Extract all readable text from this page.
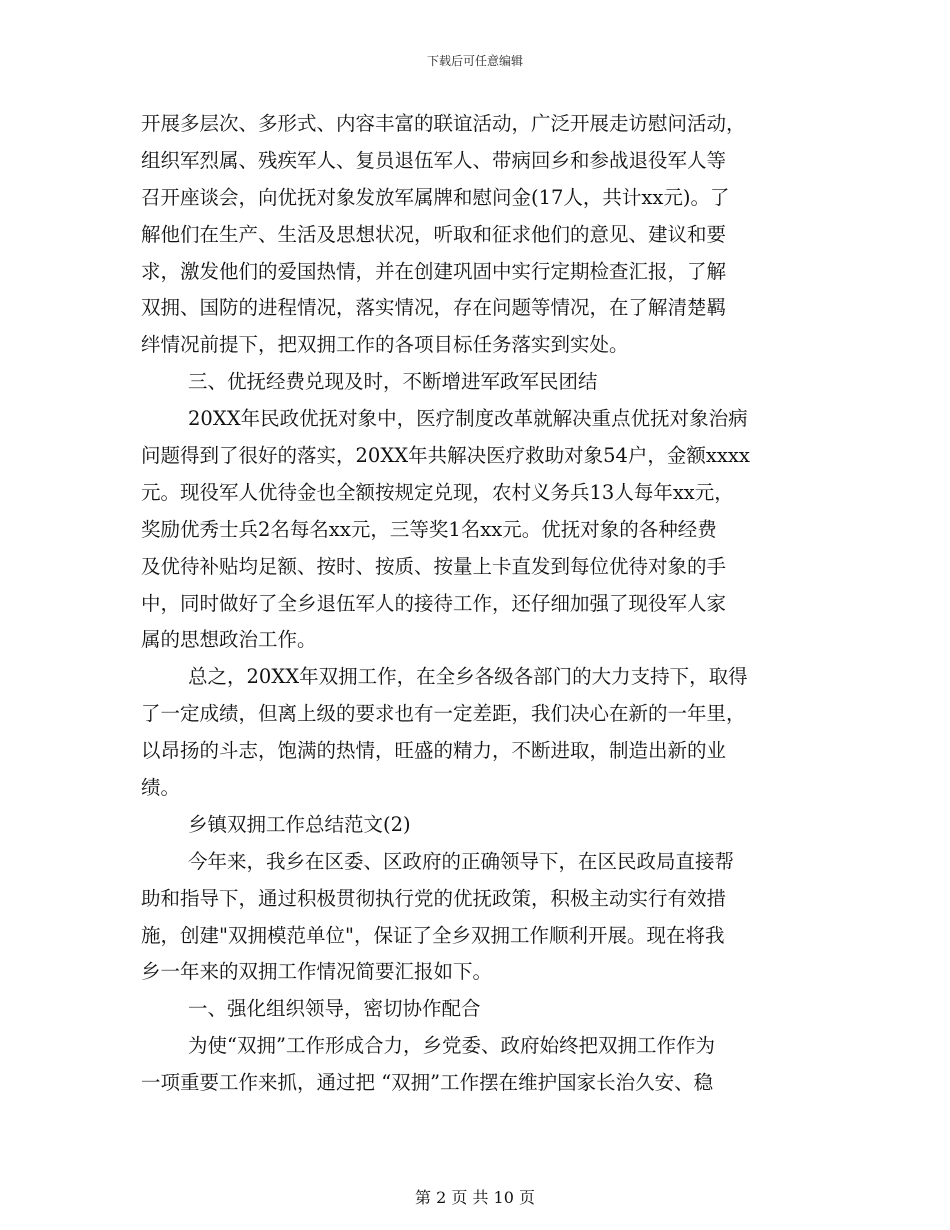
下载后可任意编辑
开展多层次、多形式、内容丰富的联谊活动，广泛开展走访慰问活动，
组织军烈属、残疾军人、复员退伍军人、带病回乡和参战退役军人等
召开座谈会，向优抚对象发放军属牌和慰问金(17人，共计xx元)。了
解他们在生产、生活及思想状况，听取和征求他们的意见、建议和要
求，激发他们的爱国热情，并在创建巩固中实行定期检查汇报，了解
双拥、国防的进程情况，落实情况，存在问题等情况，在了解清楚羁
绊情况前提下，把双拥工作的各项目标任务落实到实处。
三、优抚经费兑现及时，不断增进军政军民团结
20XX年民政优抚对象中，医疗制度改革就解决重点优抚对象治病
问题得到了很好的落实，20XX年共解决医疗救助对象54户，金额xxxx
元。现役军人优待金也全额按规定兑现，农村义务兵13人每年xx元，
奖励优秀士兵2名每名xx元，三等奖1名xx元。优抚对象的各种经费
及优待补贴均足额、按时、按质、按量上卡直发到每位优待对象的手
中，同时做好了全乡退伍军人的接待工作，还仔细加强了现役军人家
属的思想政治工作。
总之，20XX年双拥工作，在全乡各级各部门的大力支持下，取得
了一定成绩，但离上级的要求也有一定差距，我们决心在新的一年里，
以昂扬的斗志，饱满的热情，旺盛的精力，不断进取，制造出新的业
绩。
乡镇双拥工作总结范文(2)
今年来，我乡在区委、区政府的正确领导下，在区民政局直接帮
助和指导下，通过积极贯彻执行党的优抚政策，积极主动实行有效措
施，创建"双拥模范单位"，保证了全乡双拥工作顺利开展。现在将我
乡一年来的双拥工作情况简要汇报如下。
一、强化组织领导，密切协作配合
为使“双拥”工作形成合力，乡党委、政府始终把双拥工作作为
一项重要工作来抓，通过把 “双拥”工作摆在维护国家长治久安、稳
第 2 页 共 10 页
